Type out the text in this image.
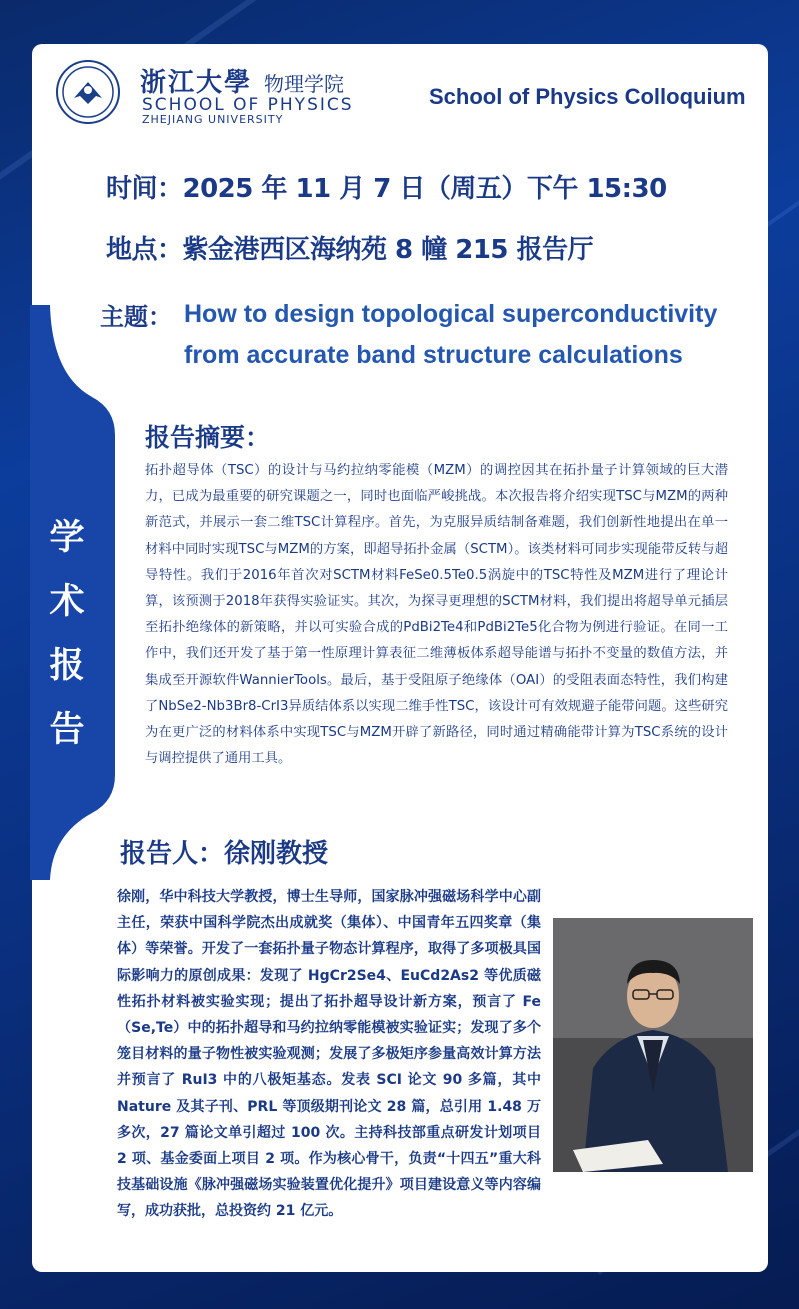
浙江大學 物理学院
SCHOOL OF PHYSICS
ZHEJIANG UNIVERSITY
School of Physics Colloquium
时间：2025 年 11 月 7 日（周五）下午 15:30
地点：紫金港西区海纳苑 8 幢 215 报告厅
主题： How to design topological superconductivity from accurate band structure calculations
学
术
报
告
报告摘要：
拓扑超导体（TSC）的设计与马约拉纳零能模（MZM）的调控因其在拓扑量子计算领域的巨大潜力，已成为最重要的研究课题之一，同时也面临严峻挑战。本次报告将介绍实现TSC与MZM的两种新范式，并展示一套二维TSC计算程序。首先，为克服异质结制备难题，我们创新性地提出在单一材料中同时实现TSC与MZM的方案，即超导拓扑金属（SCTM）。该类材料可同步实现能带反转与超导特性。我们于2016年首次对SCTM材料FeSe0.5Te0.5涡旋中的TSC特性及MZM进行了理论计算，该预测于2018年获得实验证实。其次，为探寻更理想的SCTM材料，我们提出将超导单元插层至拓扑绝缘体的新策略，并以可实验合成的PdBi2Te4和PdBi2Te5化合物为例进行验证。在同一工作中，我们还开发了基于第一性原理计算表征二维薄板体系超导能谱与拓扑不变量的数值方法，并集成至开源软件WannierTools。最后，基于受阻原子绝缘体（OAI）的受阻表面态特性，我们构建了NbSe2-Nb3Br8-CrI3异质结体系以实现二维手性TSC，该设计可有效规避子能带问题。这些研究为在更广泛的材料体系中实现TSC与MZM开辟了新路径，同时通过精确能带计算为TSC系统的设计与调控提供了通用工具。
报告人：徐刚教授
徐刚，华中科技大学教授，博士生导师，国家脉冲强磁场科学中心副主任，荣获中国科学院杰出成就奖（集体）、中国青年五四奖章（集体）等荣誉。开发了一套拓扑量子物态计算程序，取得了多项极具国际影响力的原创成果：发现了 HgCr2Se4、EuCd2As2 等优质磁性拓扑材料被实验实现；提出了拓扑超导设计新方案，预言了 Fe（Se,Te）中的拓扑超导和马约拉纳零能模被实验证实；发现了多个笼目材料的量子物性被实验观测；发展了多极矩序参量高效计算方法并预言了 RuI3 中的八极矩基态。发表 SCI 论文 90 多篇，其中 Nature 及其子刊、PRL 等顶级期刊论文 28 篇，总引用 1.48 万多次，27 篇论文单引超过 100 次。主持科技部重点研发计划项目 2 项、基金委面上项目 2 项。作为核心骨干，负责“十四五”重大科技基础设施《脉冲强磁场实验装置优化提升》项目建设意义等内容编写，成功获批，总投资约 21 亿元。
